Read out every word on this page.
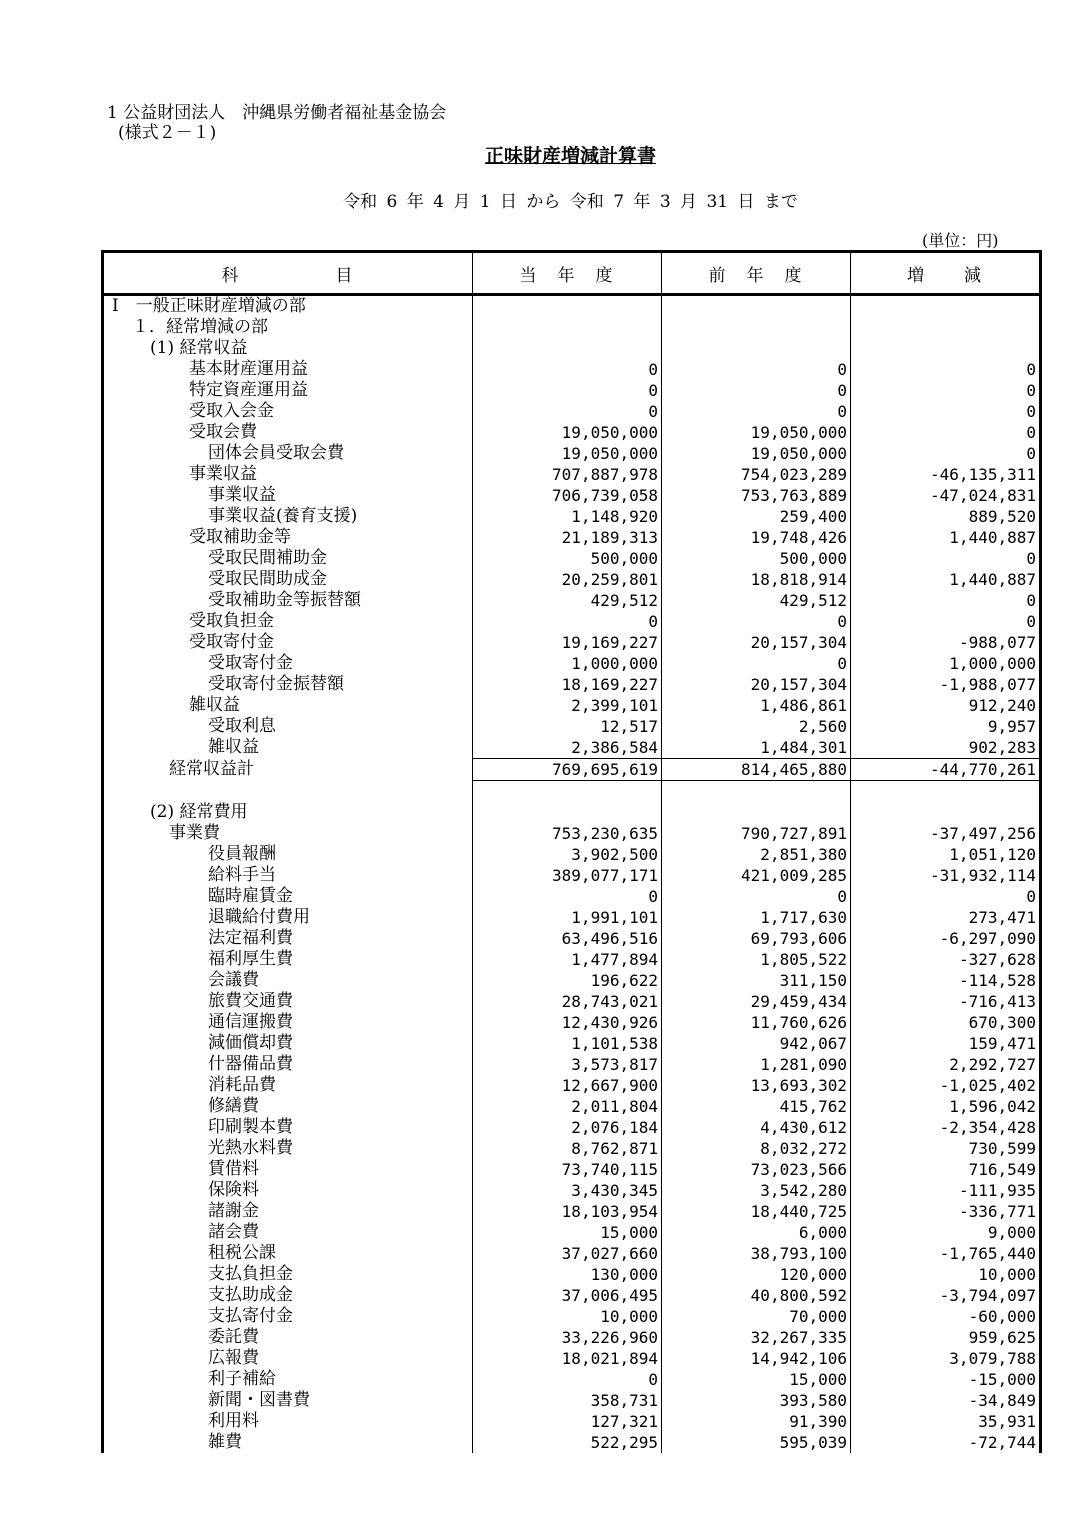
1 公益財団法人　沖縄県労働者福祉基金協会
(様式２－１)
正味財産増減計算書
令和 6 年 4 月 1 日 から 令和 7 年 3 月 31 日 まで
(単位：円)
科　　　　　目	当　年　度	前　年　度	増　　減
Ⅰ　一般正味財産増減の部			
１．経常増減の部			
(1) 経常収益			
基本財産運用益	0	0	0
特定資産運用益	0	0	0
受取入会金	0	0	0
受取会費	19,050,000	19,050,000	0
団体会員受取会費	19,050,000	19,050,000	0
事業収益	707,887,978	754,023,289	-46,135,311
事業収益	706,739,058	753,763,889	-47,024,831
事業収益(養育支援)	1,148,920	259,400	889,520
受取補助金等	21,189,313	19,748,426	1,440,887
受取民間補助金	500,000	500,000	0
受取民間助成金	20,259,801	18,818,914	1,440,887
受取補助金等振替額	429,512	429,512	0
受取負担金	0	0	0
受取寄付金	19,169,227	20,157,304	-988,077
受取寄付金	1,000,000	0	1,000,000
受取寄付金振替額	18,169,227	20,157,304	-1,988,077
雑収益	2,399,101	1,486,861	912,240
受取利息	12,517	2,560	9,957
雑収益	2,386,584	1,484,301	902,283
経常収益計	769,695,619	814,465,880	-44,770,261

(2) 経常費用			
事業費	753,230,635	790,727,891	-37,497,256
役員報酬	3,902,500	2,851,380	1,051,120
給料手当	389,077,171	421,009,285	-31,932,114
臨時雇賃金	0	0	0
退職給付費用	1,991,101	1,717,630	273,471
法定福利費	63,496,516	69,793,606	-6,297,090
福利厚生費	1,477,894	1,805,522	-327,628
会議費	196,622	311,150	-114,528
旅費交通費	28,743,021	29,459,434	-716,413
通信運搬費	12,430,926	11,760,626	670,300
減価償却費	1,101,538	942,067	159,471
什器備品費	3,573,817	1,281,090	2,292,727
消耗品費	12,667,900	13,693,302	-1,025,402
修繕費	2,011,804	415,762	1,596,042
印刷製本費	2,076,184	4,430,612	-2,354,428
光熱水料費	8,762,871	8,032,272	730,599
賃借料	73,740,115	73,023,566	716,549
保険料	3,430,345	3,542,280	-111,935
諸謝金	18,103,954	18,440,725	-336,771
諸会費	15,000	6,000	9,000
租税公課	37,027,660	38,793,100	-1,765,440
支払負担金	130,000	120,000	10,000
支払助成金	37,006,495	40,800,592	-3,794,097
支払寄付金	10,000	70,000	-60,000
委託費	33,226,960	32,267,335	959,625
広報費	18,021,894	14,942,106	3,079,788
利子補給	0	15,000	-15,000
新聞・図書費	358,731	393,580	-34,849
利用料	127,321	91,390	35,931
雑費	522,295	595,039	-72,744
